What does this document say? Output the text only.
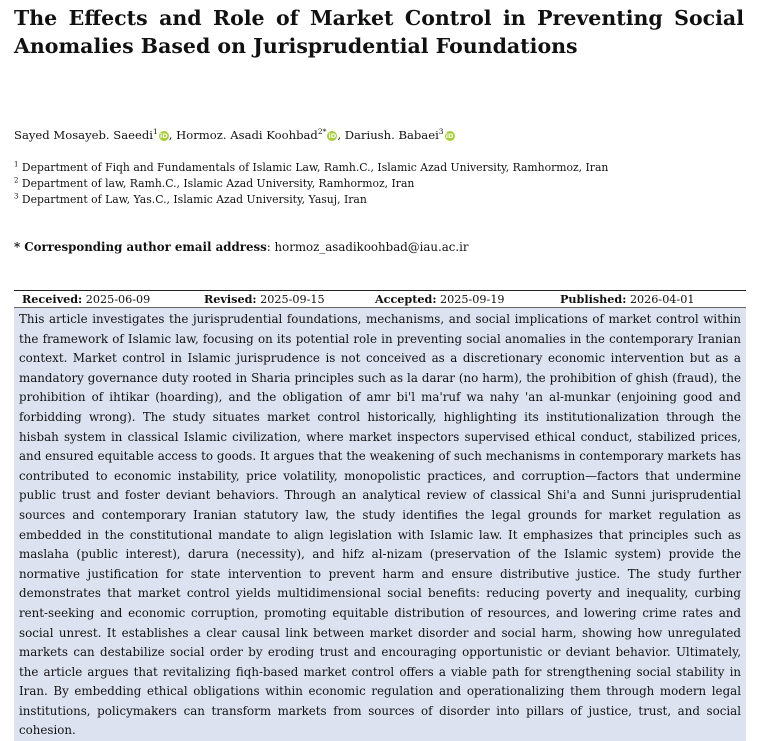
The Effects and Role of Market Control in Preventing Social Anomalies Based on Jurisprudential Foundations
Sayed Mosayeb. Saeedi$^1$ iD, Hormoz. Asadi Koohbad$^{2*}$ iD, Dariush. Babaei$^3$ iD
$^1$ Department of Fiqh and Fundamentals of Islamic Law, Ramh.C., Islamic Azad University, Ramhormoz, Iran
$^2$ Department of law, Ramh.C., Islamic Azad University, Ramhormoz, Iran
$^3$ Department of Law, Yas.C., Islamic Azad University, Yasuj, Iran
* Corresponding author email address: hormoz_asadikoohbad@iau.ac.ir
Received: 2025-06-09	Revised: 2025-09-15	Accepted: 2025-09-19	Published: 2026-04-01
This article investigates the jurisprudential foundations, mechanisms, and social implications of market control within the framework of Islamic law, focusing on its potential role in preventing social anomalies in the contemporary Iranian context. Market control in Islamic jurisprudence is not conceived as a discretionary economic intervention but as a mandatory governance duty rooted in Sharia principles such as la darar (no harm), the prohibition of ghish (fraud), the prohibition of ihtikar (hoarding), and the obligation of amr bi'l ma'ruf wa nahy 'an al-munkar (enjoining good and forbidding wrong). The study situates market control historically, highlighting its institutionalization through the hisbah system in classical Islamic civilization, where market inspectors supervised ethical conduct, stabilized prices, and ensured equitable access to goods. It argues that the weakening of such mechanisms in contemporary markets has contributed to economic instability, price volatility, monopolistic practices, and corruption—factors that undermine public trust and foster deviant behaviors. Through an analytical review of classical Shi'a and Sunni jurisprudential sources and contemporary Iranian statutory law, the study identifies the legal grounds for market regulation as embedded in the constitutional mandate to align legislation with Islamic law. It emphasizes that principles such as maslaha (public interest), darura (necessity), and hifz al-nizam (preservation of the Islamic system) provide the normative justification for state intervention to prevent harm and ensure distributive justice. The study further demonstrates that market control yields multidimensional social benefits: reducing poverty and inequality, curbing rent-seeking and economic corruption, promoting equitable distribution of resources, and lowering crime rates and social unrest. It establishes a clear causal link between market disorder and social harm, showing how unregulated markets can destabilize social order by eroding trust and encouraging opportunistic or deviant behavior. Ultimately, the article argues that revitalizing fiqh-based market control offers a viable path for strengthening social stability in Iran. By embedding ethical obligations within economic regulation and operationalizing them through modern legal institutions, policymakers can transform markets from sources of disorder into pillars of justice, trust, and social cohesion.
